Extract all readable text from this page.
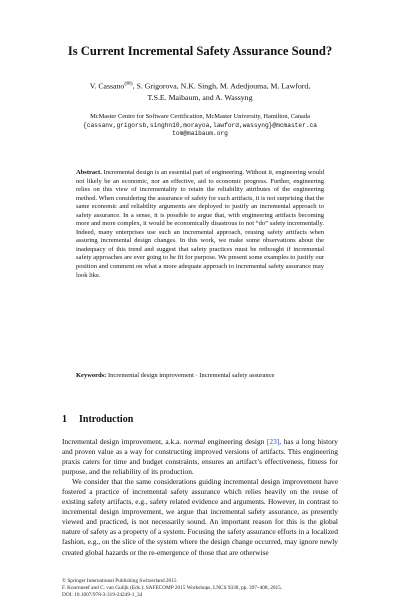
Is Current Incremental Safety Assurance Sound?
V. Cassano(✉), S. Grigorova, N.K. Singh, M. Adedjouma, M. Lawford,
T.S.E. Maibaum, and A. Wassyng
McMaster Centre for Software Certification, McMaster University, Hamilton, Canada
{cassanv,grigorsb,singhn10,morayoa,lawford,wassyng}@mcmaster.ca
tom@maibaum.org
Abstract. Incremental design is an essential part of engineering. Without it, engineering would not likely be an economic, nor an effective, aid to economic progress. Further, engineering relies on this view of incrementality to retain the reliability attributes of the engineering method. When considering the assurance of safety for such artifacts, it is not surprising that the same economic and reliability arguments are deployed to justify an incremental approach to safety assurance. In a sense, it is possible to argue that, with engineering artifacts becoming more and more complex, it would be economically disastrous to not “do” safety incrementally. Indeed, many enterprises use such an incremental approach, reusing safety artifacts when assuring incremental design changes. In this work, we make some observations about the inadequacy of this trend and suggest that safety practices must be rethought if incremental safety approaches are ever going to be fit for purpose. We present some examples to justify our position and comment on what a more adequate approach to incremental safety assurance may look like.
Keywords: Incremental design improvement · Incremental safety assurance
1 Introduction

Incremental design improvement, a.k.a. normal engineering design [23], has a long history and proven value as a way for constructing improved versions of artifacts. This engineering praxis caters for time and budget constraints, ensures an artifact’s effectiveness, fitness for purpose, and the reliability of its production.

We consider that the same considerations guiding incremental design improvement have fostered a practice of incremental safety assurance which relies heavily on the reuse of existing safety artifacts, e.g., safety related evidence and arguments. However, in contrast to incremental design improvement, we argue that incremental safety assurance, as presently viewed and practiced, is not necessarily sound. An important reason for this is the global nature of safety as a property of a system. Focusing the safety assurance efforts in a localized fashion, e.g., on the slice of the system where the design change occurred, may ignore newly created global hazards or the re-emergence of those that are otherwise

© Springer International Publishing Switzerland 2015
F. Koornneef and C. van Gulijk (Eds.): SAFECOMP 2015 Workshops, LNCS 9338, pp. 397–408, 2015.
DOI: 10.1007/978-3-319-24249-1_34
